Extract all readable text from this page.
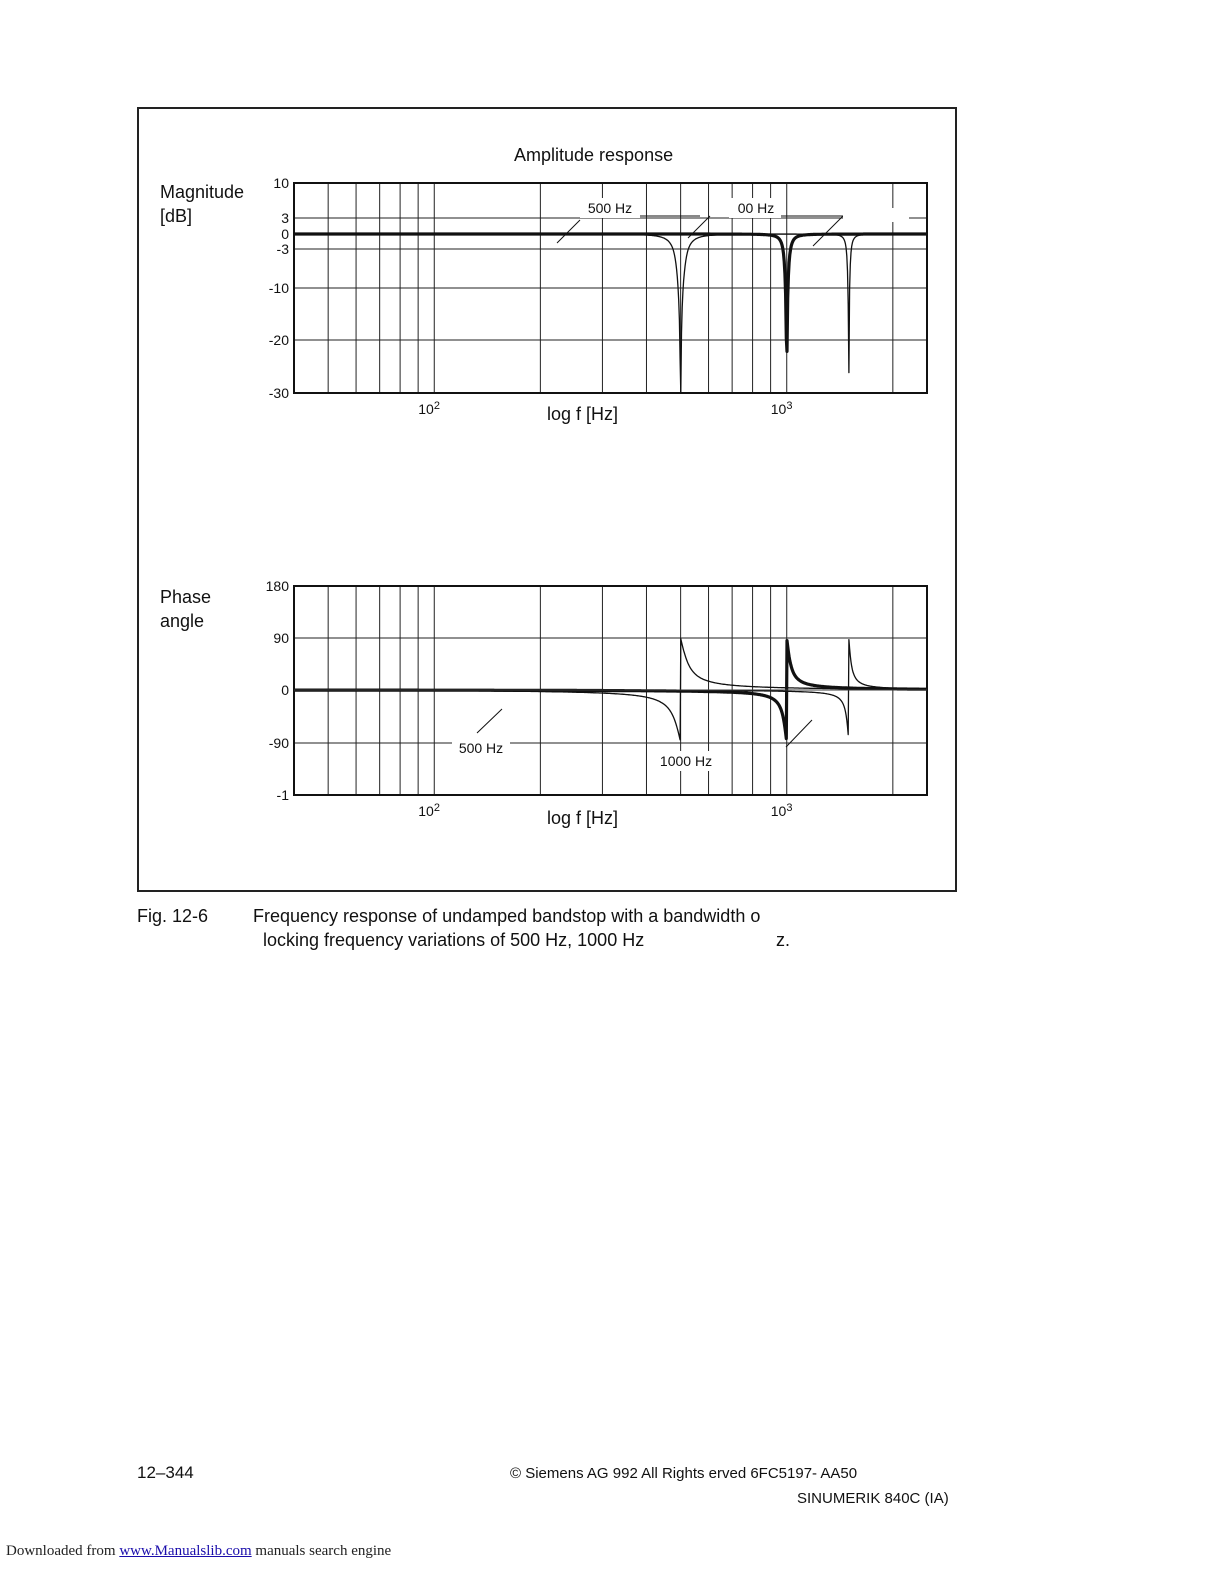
10
3
0
-3
-10
-20
-30
$10^2$	$10^3$
180
90
0
-90
-1
$10^2$	$10^3$
500 Hz	00 Hz
500 Hz
1000 Hz
Amplitude response
Magnitude
[dB]
log f [Hz]
Phase
angle
log f [Hz]
Fig. 12-6 Frequency response of undamped bandstop with a bandwidth o
locking frequency variations of 500 Hz, 1000 Hz	z.
12–344	© Siemens AG 992 All Rights erved 6FC5197- AA50
SINUMERIK 840C (IA)
Downloaded from www.Manualslib.com manuals search engine
